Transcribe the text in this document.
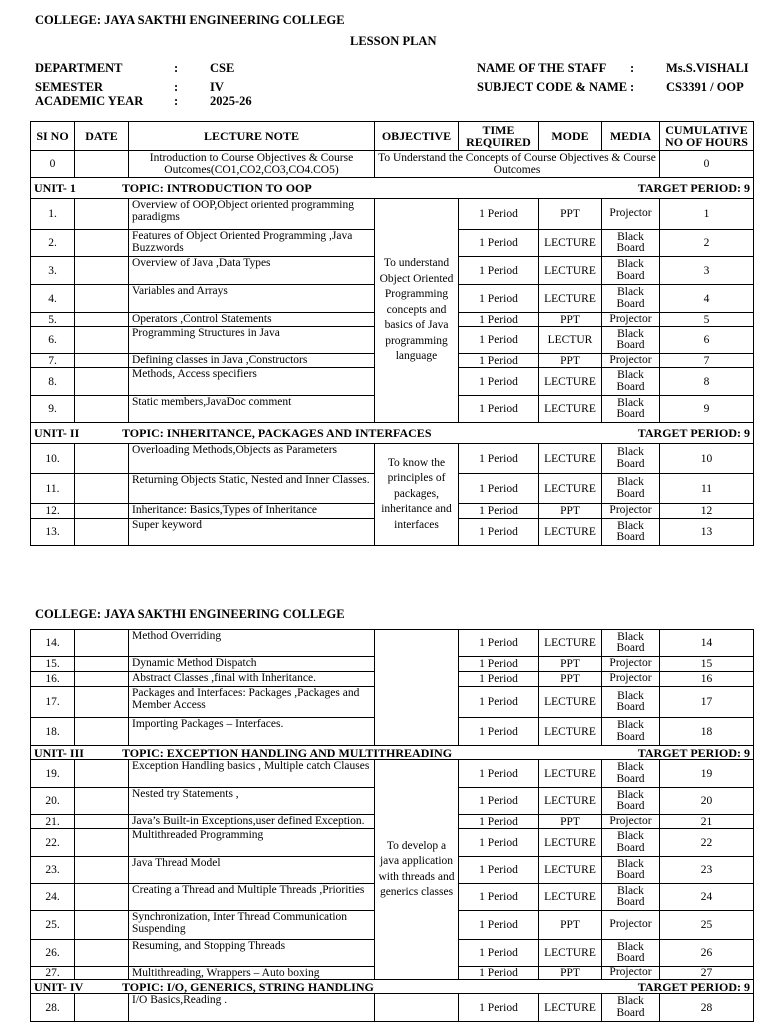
COLLEGE: JAYA SAKTHI ENGINEERING COLLEGE
LESSON PLAN
DEPARTMENT	:	CSE
SEMESTER	:	IV
ACADEMIC YEAR :	2025-26
NAME OF THE STAFF :	Ms.S.VISHALI
SUBJECT CODE & NAME :	CS3391 / OOP
SI NO	DATE	LECTURE NOTE	OBJECTIVE	TIME REQUIRED	MODE	MEDIA	CUMULATIVE NO OF HOURS
0		Introduction to Course Objectives & Course Outcomes(CO1,CO2,CO3,CO4.CO5)	To Understand the Concepts of Course Objectives & Course Outcomes				0

UNIT- 1 TOPIC: INTRODUCTION TO OOP TARGET PERIOD: 9							

1.		Overview of OOP,Object oriented programming paradigms	To understand Object Oriented Programming concepts and basics of Java programming language	1 Period	PPT	Projector	1
2.		Features of Object Oriented Programming ,Java Buzzwords		1 Period	LECTURE	Black Board	2
3.		Overview of Java ,Data Types		1 Period	LECTURE	Black Board	3
4.		Variables and Arrays		1 Period	LECTURE	Black Board	4
5.		Operators ,Control Statements		1 Period	PPT	Projector	5
6.		Programming Structures in Java		1 Period	LECTUR	Black Board	6
7.		Defining classes in Java ,Constructors		1 Period	PPT	Projector	7
8.		Methods, Access specifiers		1 Period	LECTURE	Black Board	8
9.		Static members,JavaDoc comment		1 Period	LECTURE	Black Board	9

UNIT- II TOPIC: INHERITANCE, PACKAGES AND INTERFACES TARGET PERIOD: 9							

10.		Overloading Methods,Objects as Parameters	To know the principles of packages, inheritance and interfaces	1 Period	LECTURE	Black Board	10
11.		Returning Objects Static, Nested and Inner Classes.		1 Period	LECTURE	Black Board	11
12.		Inheritance: Basics,Types of Inheritance		1 Period	PPT	Projector	12
13.		Super keyword		1 Period	LECTURE	Black Board	13
COLLEGE: JAYA SAKTHI ENGINEERING COLLEGE
14.		Method Overriding		1 Period	LECTURE	Black Board	14
15.		Dynamic Method Dispatch		1 Period	PPT	Projector	15
16.		Abstract Classes ,final with Inheritance.		1 Period	PPT	Projector	16
17.		Packages and Interfaces: Packages ,Packages and Member Access		1 Period	LECTURE	Black Board	17
18.		Importing Packages – Interfaces.		1 Period	LECTURE	Black Board	18

UNIT- III TOPIC: EXCEPTION HANDLING AND MULTITHREADING TARGET PERIOD: 9							

19.		Exception Handling basics , Multiple catch Clauses	To develop a java application with threads and generics classes	1 Period	LECTURE	Black Board	19
20.		Nested try Statements ,		1 Period	LECTURE	Black Board	20
21.		Java’s Built-in Exceptions,user defined Exception.		1 Period	PPT	Projector	21
22.		Multithreaded Programming		1 Period	LECTURE	Black Board	22
23.		Java Thread Model		1 Period	LECTURE	Black Board	23
24.		Creating a Thread and Multiple Threads ,Priorities		1 Period	LECTURE	Black Board	24
25.		Synchronization, Inter Thread Communication Suspending		1 Period	PPT	Projector	25
26.		Resuming, and Stopping Threads		1 Period	LECTURE	Black Board	26
27.		Multithreading, Wrappers – Auto boxing		1 Period	PPT	Projector	27

UNIT- IV TOPIC: I/O, GENERICS, STRING HANDLING TARGET PERIOD: 9							

28.		I/O Basics,Reading .		1 Period	LECTURE	Black Board	28
